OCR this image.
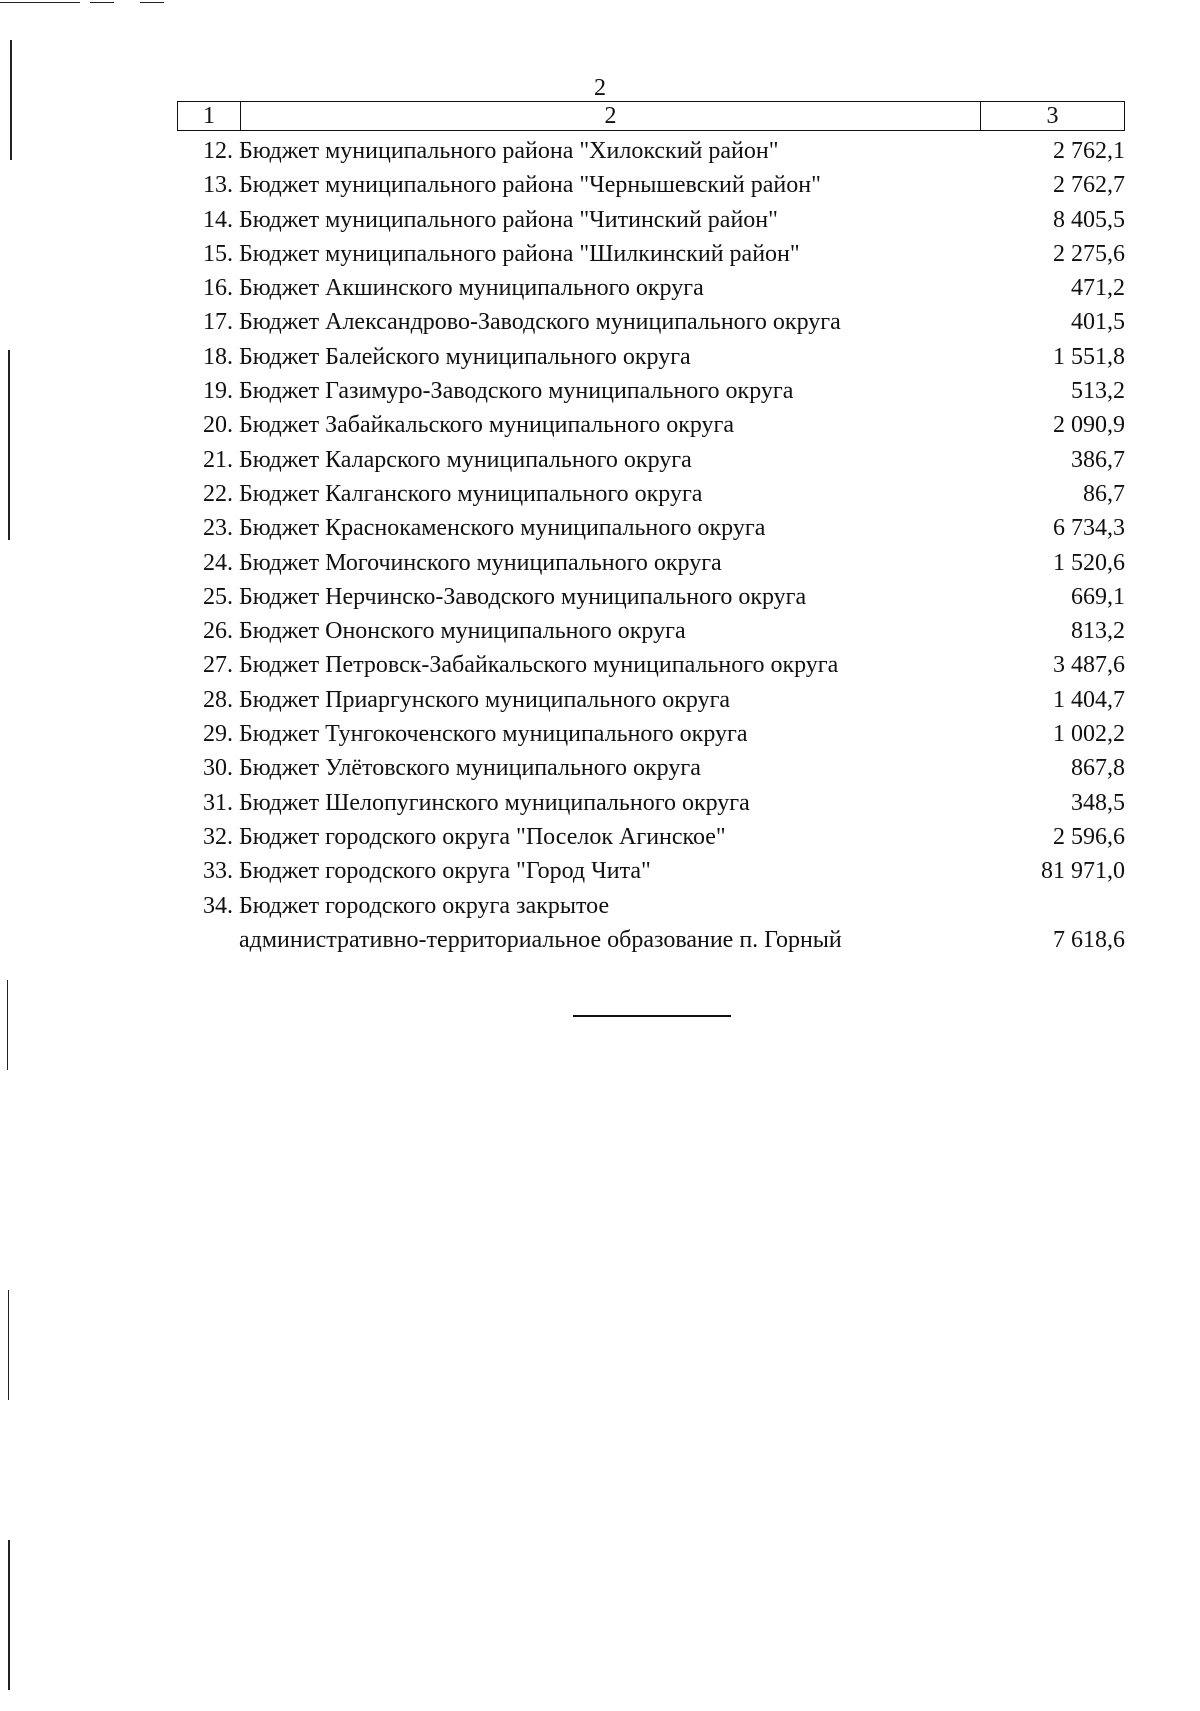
2
1	2	3
12. Бюджет муниципального района "Хилокский район"	2 762,1
13. Бюджет муниципального района "Чернышевский район"	2 762,7
14. Бюджет муниципального района "Читинский район"	8 405,5
15. Бюджет муниципального района "Шилкинский район"	2 275,6
16. Бюджет Акшинского муниципального округа	471,2
17. Бюджет Александрово-Заводского муниципального округа	401,5
18. Бюджет Балейского муниципального округа	1 551,8
19. Бюджет Газимуро-Заводского муниципального округа	513,2
20. Бюджет Забайкальского муниципального округа	2 090,9
21. Бюджет Каларского муниципального округа	386,7
22. Бюджет Калганского муниципального округа	86,7
23. Бюджет Краснокаменского муниципального округа	6 734,3
24. Бюджет Могочинского муниципального округа	1 520,6
25. Бюджет Нерчинско-Заводского муниципального округа	669,1
26. Бюджет Ононского муниципального округа	813,2
27. Бюджет Петровск-Забайкальского муниципального округа	3 487,6
28. Бюджет Приаргунского муниципального округа	1 404,7
29. Бюджет Тунгокоченского муниципального округа	1 002,2
30. Бюджет Улётовского муниципального округа	867,8
31. Бюджет Шелопугинского муниципального округа	348,5
32. Бюджет городского округа "Поселок Агинское"	2 596,6
33. Бюджет городского округа "Город Чита"	81 971,0
34. Бюджет городского округа закрытое
административно-территориальное образование п. Горный	7 618,6
